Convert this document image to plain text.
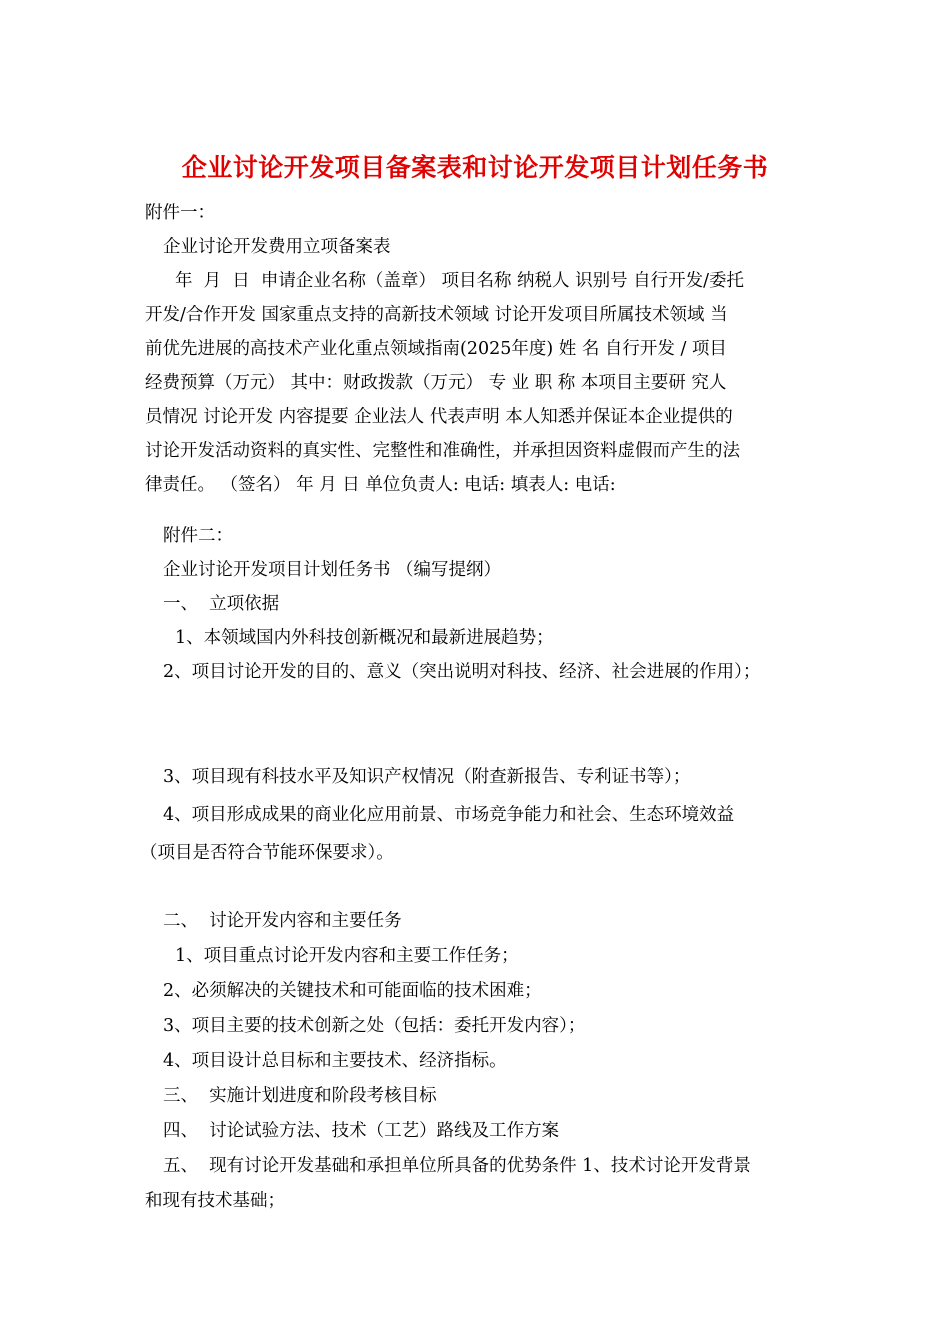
企业讨论开发项目备案表和讨论开发项目计划任务书
附件一：
企业讨论开发费用立项备案表
年  月  日  申请企业名称（盖章） 项目名称 纳税人 识别号 自行开发/委托
开发/合作开发 国家重点支持的高新技术领域 讨论开发项目所属技术领域 当
前优先进展的高技术产业化重点领域指南(2025年度) 姓 名 自行开发 / 项目
经费预算（万元） 其中：财政拨款（万元） 专 业 职 称 本项目主要研 究人
员情况 讨论开发 内容提要 企业法人 代表声明 本人知悉并保证本企业提供的
讨论开发活动资料的真实性、完整性和准确性，并承担因资料虚假而产生的法
律责任。 （签名） 年 月 日 单位负责人: 电话: 填表人: 电话:
附件二：
企业讨论开发项目计划任务书 （编写提纲）
一、  立项依据
1、本领域国内外科技创新概况和最新进展趋势；
2、项目讨论开发的目的、意义（突出说明对科技、经济、社会进展的作用）；
3、项目现有科技水平及知识产权情况（附查新报告、专利证书等）；
4、项目形成成果的商业化应用前景、市场竞争能力和社会、生态环境效益
（项目是否符合节能环保要求）。
二、  讨论开发内容和主要任务
1、项目重点讨论开发内容和主要工作任务；
2、必须解决的关键技术和可能面临的技术困难；
3、项目主要的技术创新之处（包括：委托开发内容）；
4、项目设计总目标和主要技术、经济指标。
三、  实施计划进度和阶段考核目标
四、  讨论试验方法、技术（工艺）路线及工作方案
五、  现有讨论开发基础和承担单位所具备的优势条件 1、技术讨论开发背景
和现有技术基础；
